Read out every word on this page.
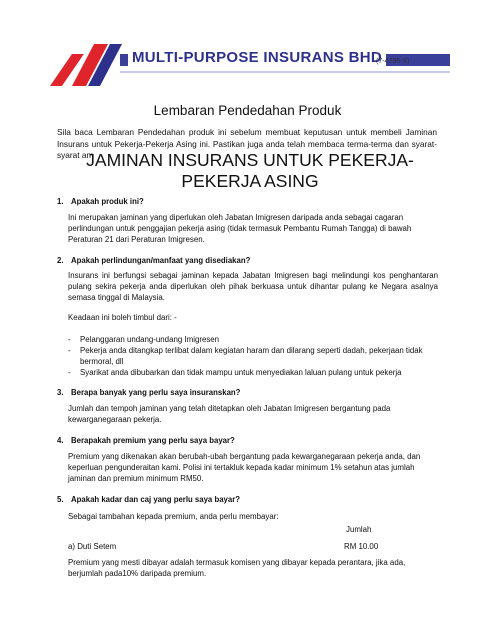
MULTI-PURPOSE INSURANS BHD
(7-4796-X)
Lembaran Pendedahan Produk
Sila baca Lembaran Pendedahan produk ini sebelum membuat keputusan untuk membeli Jaminan Insurans untuk Pekerja-Pekerja Asing ini. Pastikan juga anda telah membaca terma-terma dan syarat-syarat am
JAMINAN INSURANS UNTUK PEKERJA-
PEKERJA ASING
1. Apakah produk ini?
Ini merupakan jaminan yang diperlukan oleh Jabatan Imigresen daripada anda sebagai cagaran perlindungan untuk penggajian pekerja asing (tidak termasuk Pembantu Rumah Tangga) di bawah Peraturan 21 dari Peraturan Imigresen.
2. Apakah perlindungan/manfaat yang disediakan?
Insurans ini berfungsi sebagai jaminan kepada Jabatan Imigresen bagi melindungi kos penghantaran pulang sekira pekerja anda diperlukan oleh pihak berkuasa untuk dihantar pulang ke Negara asalnya semasa tinggal di Malaysia.
Keadaan ini boleh timbul dari: -
- Pelanggaran undang-undang Imigresen
- Pekerja anda ditangkap terlibat dalam kegiatan haram dan dilarang seperti dadah, pekerjaan tidak bermoral, dll
- Syarikat anda dibubarkan dan tidak mampu untuk menyediakan laluan pulang untuk pekerja
3. Berapa banyak yang perlu saya insuranskan?
Jumlah dan tempoh jaminan yang telah ditetapkan oleh Jabatan Imigresen bergantung pada kewarganegaraan pekerja.
4. Berapakah premium yang perlu saya bayar?
Premium yang dikenakan akan berubah-ubah bergantung pada kewarganegaraan pekerja anda, dan keperluan pengunderaitan kami. Polisi ini tertakluk kepada kadar minimum 1% setahun atas jumlah jaminan dan premium minimum RM50.
5. Apakah kadar dan caj yang perlu saya bayar?
Sebagai tambahan kepada premium, anda perlu membayar:
Jumlah
a) Duti Setem	RM 10.00
Premium yang mesti dibayar adalah termasuk komisen yang dibayar kepada perantara, jika ada, berjumlah pada10% daripada premium.
